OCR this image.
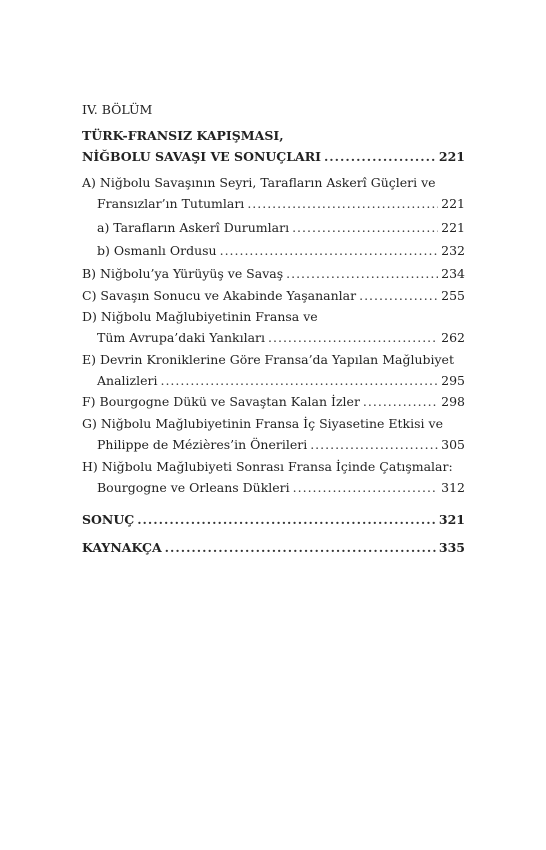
IV. BÖLÜM
TÜRK-FRANSIZ KAPIŞMASI,
NİĞBOLU SAVAŞI VE SONUÇLARI .....	221
A) Niğbolu Savaşının Seyri, Tarafların Askerî Güçleri ve
Fransızlar’ın Tutumları .....	221
a) Tarafların Askerî Durumları .....	221
b) Osmanlı Ordusu .....	232
B) Niğbolu’ya Yürüyüş ve Savaş .....	234
C) Savaşın Sonucu ve Akabinde Yaşananlar .....	255
D) Niğbolu Mağlubiyetinin Fransa ve
Tüm Avrupa’daki Yankıları .....	262
E) Devrin Kroniklerine Göre Fransa’da Yapılan Mağlubiyet
Analizleri .....	295
F) Bourgogne Dükü ve Savaştan Kalan İzler .....	298
G) Niğbolu Mağlubiyetinin Fransa İç Siyasetine Etkisi ve
Philippe de Mézières’in Önerileri .....	305
H) Niğbolu Mağlubiyeti Sonrası Fransa İçinde Çatışmalar:
Bourgogne ve Orleans Dükleri .....	312
SONUÇ .....	321
KAYNAKÇA .....	335
